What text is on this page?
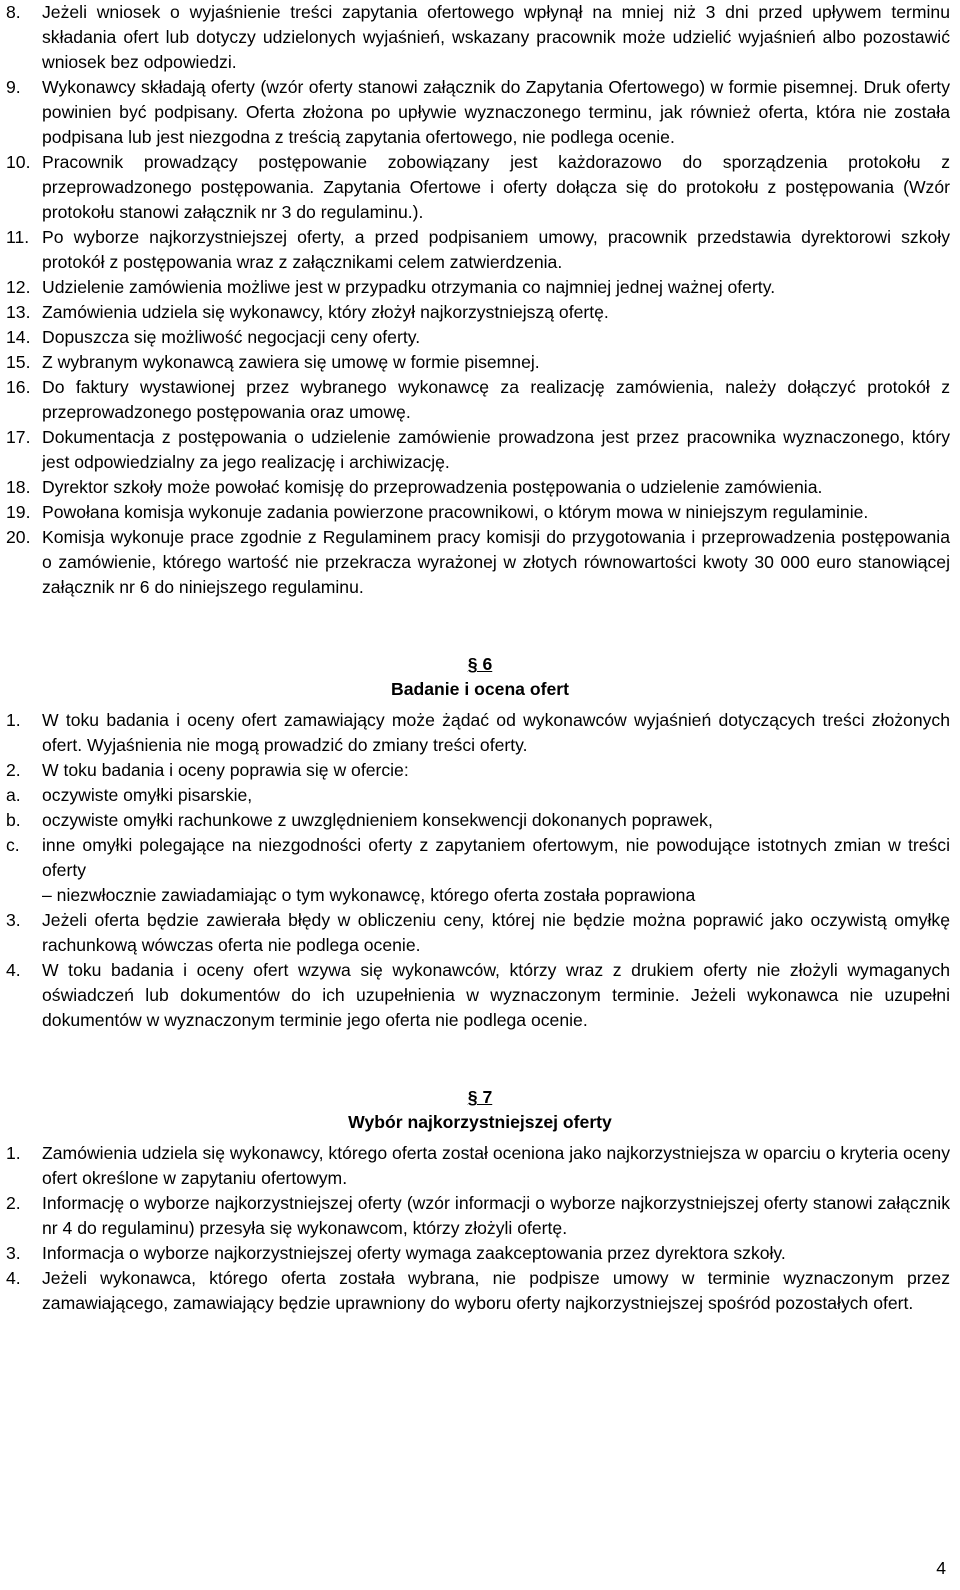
8. Jeżeli wniosek o wyjaśnienie treści zapytania ofertowego wpłynął na mniej niż 3 dni przed upływem terminu składania ofert lub dotyczy udzielonych wyjaśnień, wskazany pracownik może udzielić wyjaśnień albo pozostawić wniosek bez odpowiedzi.
9. Wykonawcy składają oferty (wzór oferty stanowi załącznik do Zapytania Ofertowego) w formie pisemnej. Druk oferty powinien być podpisany. Oferta złożona po upływie wyznaczonego terminu, jak również oferta, która nie została podpisana lub jest niezgodna z treścią zapytania ofertowego, nie podlega ocenie.
10. Pracownik prowadzący postępowanie zobowiązany jest każdorazowo do sporządzenia protokołu z przeprowadzonego postępowania. Zapytania Ofertowe i oferty dołącza się do protokołu z postępowania (Wzór protokołu stanowi załącznik nr 3 do regulaminu.).
11. Po wyborze najkorzystniejszej oferty, a przed podpisaniem umowy, pracownik przedstawia dyrektorowi szkoły protokół z postępowania wraz z załącznikami celem zatwierdzenia.
12. Udzielenie zamówienia możliwe jest w przypadku otrzymania co najmniej jednej ważnej oferty.
13. Zamówienia udziela się wykonawcy, który złożył najkorzystniejszą ofertę.
14. Dopuszcza się możliwość negocjacji ceny oferty.
15. Z wybranym wykonawcą zawiera się umowę w formie pisemnej.
16. Do faktury wystawionej przez wybranego wykonawcę za realizację zamówienia, należy dołączyć protokół z przeprowadzonego postępowania oraz umowę.
17. Dokumentacja z postępowania o udzielenie zamówienie prowadzona jest przez pracownika wyznaczonego, który jest odpowiedzialny za jego realizację i archiwizację.
18. Dyrektor szkoły może powołać komisję do przeprowadzenia postępowania o udzielenie zamówienia.
19. Powołana komisja wykonuje zadania powierzone pracownikowi, o którym mowa w niniejszym regulaminie.
20. Komisja wykonuje prace zgodnie z Regulaminem pracy komisji do przygotowania i przeprowadzenia postępowania o zamówienie, którego wartość nie przekracza wyrażonej w złotych równowartości kwoty 30 000 euro stanowiącej załącznik nr 6 do niniejszego regulaminu.
§ 6
Badanie i ocena ofert
1. W toku badania i oceny ofert zamawiający może żądać od wykonawców wyjaśnień dotyczących treści złożonych ofert. Wyjaśnienia nie mogą prowadzić do zmiany treści oferty.
2. W toku badania i oceny poprawia się w ofercie:
a. oczywiste omyłki pisarskie,
b. oczywiste omyłki rachunkowe z uwzględnieniem konsekwencji dokonanych poprawek,
c. inne omyłki polegające na niezgodności oferty z zapytaniem ofertowym, nie powodujące istotnych zmian w treści oferty
– niezwłocznie zawiadamiając o tym wykonawcę, którego oferta została poprawiona
3. Jeżeli oferta będzie zawierała błędy w obliczeniu ceny, której nie będzie można poprawić jako oczywistą omyłkę rachunkową wówczas oferta nie podlega ocenie.
4. W toku badania i oceny ofert wzywa się wykonawców, którzy wraz z drukiem oferty nie złożyli wymaganych oświadczeń lub dokumentów do ich uzupełnienia w wyznaczonym terminie. Jeżeli wykonawca nie uzupełni dokumentów w wyznaczonym terminie jego oferta nie podlega ocenie.
§ 7
Wybór najkorzystniejszej oferty
1. Zamówienia udziela się wykonawcy, którego oferta został oceniona jako najkorzystniejsza w oparciu o kryteria oceny ofert określone w zapytaniu ofertowym.
2. Informację o wyborze najkorzystniejszej oferty (wzór informacji o wyborze najkorzystniejszej oferty stanowi załącznik nr 4 do regulaminu) przesyła się wykonawcom, którzy złożyli ofertę.
3. Informacja o wyborze najkorzystniejszej oferty wymaga zaakceptowania przez dyrektora szkoły.
4. Jeżeli wykonawca, którego oferta została wybrana, nie podpisze umowy w terminie wyznaczonym przez zamawiającego, zamawiający będzie uprawniony do wyboru oferty najkorzystniejszej spośród pozostałych ofert.
4
